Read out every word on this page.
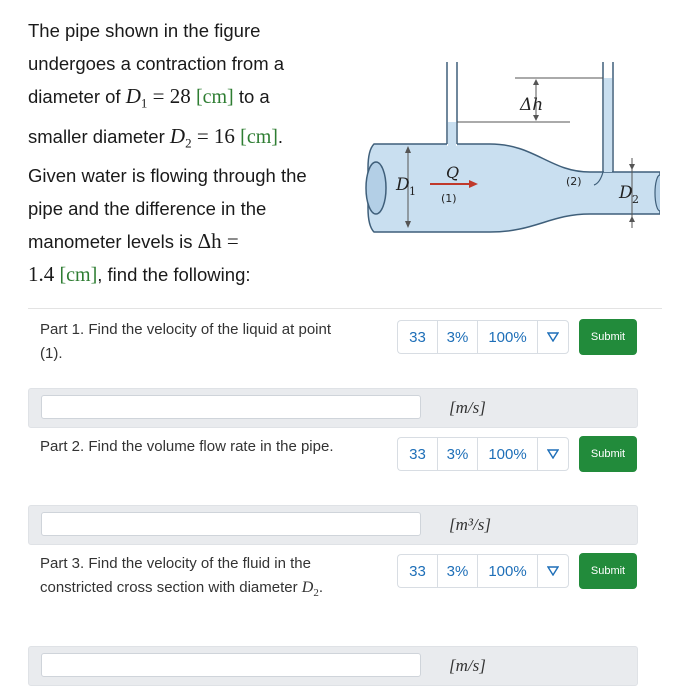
The pipe shown in the figure
undergoes a contraction from a
diameter of $D_1 = 28$ [cm] to a
smaller diameter $D_2 = 16$ [cm].
Given water is flowing through the
pipe and the difference in the
manometer levels is Δh =
1.4 [cm], find the following:
Δh
D 1
Q
(1)
(2)
D 2
Part 1. Find the velocity of the liquid at point (1).
33	3%	100%	Submit
[m/s]
Part 2. Find the volume flow rate in the pipe.	33	3%	100%	Submit
[m³/s]
Part 3. Find the velocity of the fluid in the constricted cross section with diameter $D_2$.
33	3%	100%	Submit
[m/s]
